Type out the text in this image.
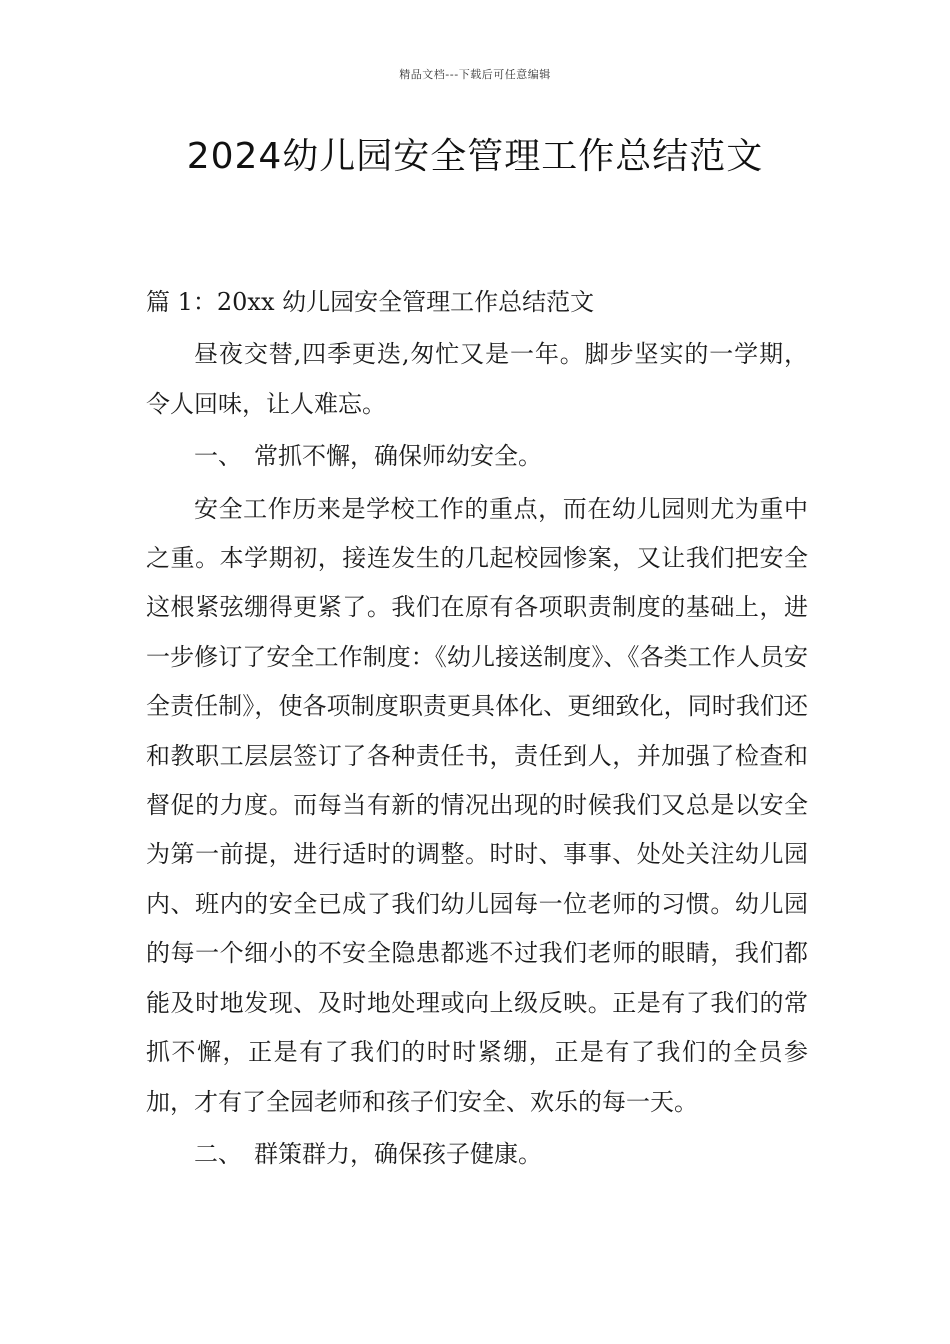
精品文档---下载后可任意编辑
2024幼儿园安全管理工作总结范文

篇 1：20xx 幼儿园安全管理工作总结范文

昼夜交替,四季更迭,匆忙又是一年。脚步坚实的一学期，令人回味，让人难忘。

一、　常抓不懈，确保师幼安全。

安全工作历来是学校工作的重点，而在幼儿园则尤为重中之重。本学期初，接连发生的几起校园惨案，又让我们把安全这根紧弦绷得更紧了。我们在原有各项职责制度的基础上，进一步修订了安全工作制度：《幼儿接送制度》、《各类工作人员安全责任制》，使各项制度职责更具体化、更细致化，同时我们还和教职工层层签订了各种责任书，责任到人，并加强了检查和督促的力度。而每当有新的情况出现的时候我们又总是以安全为第一前提，进行适时的调整。时时、事事、处处关注幼儿园内、班内的安全已成了我们幼儿园每一位老师的习惯。幼儿园的每一个细小的不安全隐患都逃不过我们老师的眼睛，我们都能及时地发现、及时地处理或向上级反映。正是有了我们的常抓不懈，正是有了我们的时时紧绷，正是有了我们的全员参加，才有了全园老师和孩子们安全、欢乐的每一天。

二、　群策群力，确保孩子健康。
